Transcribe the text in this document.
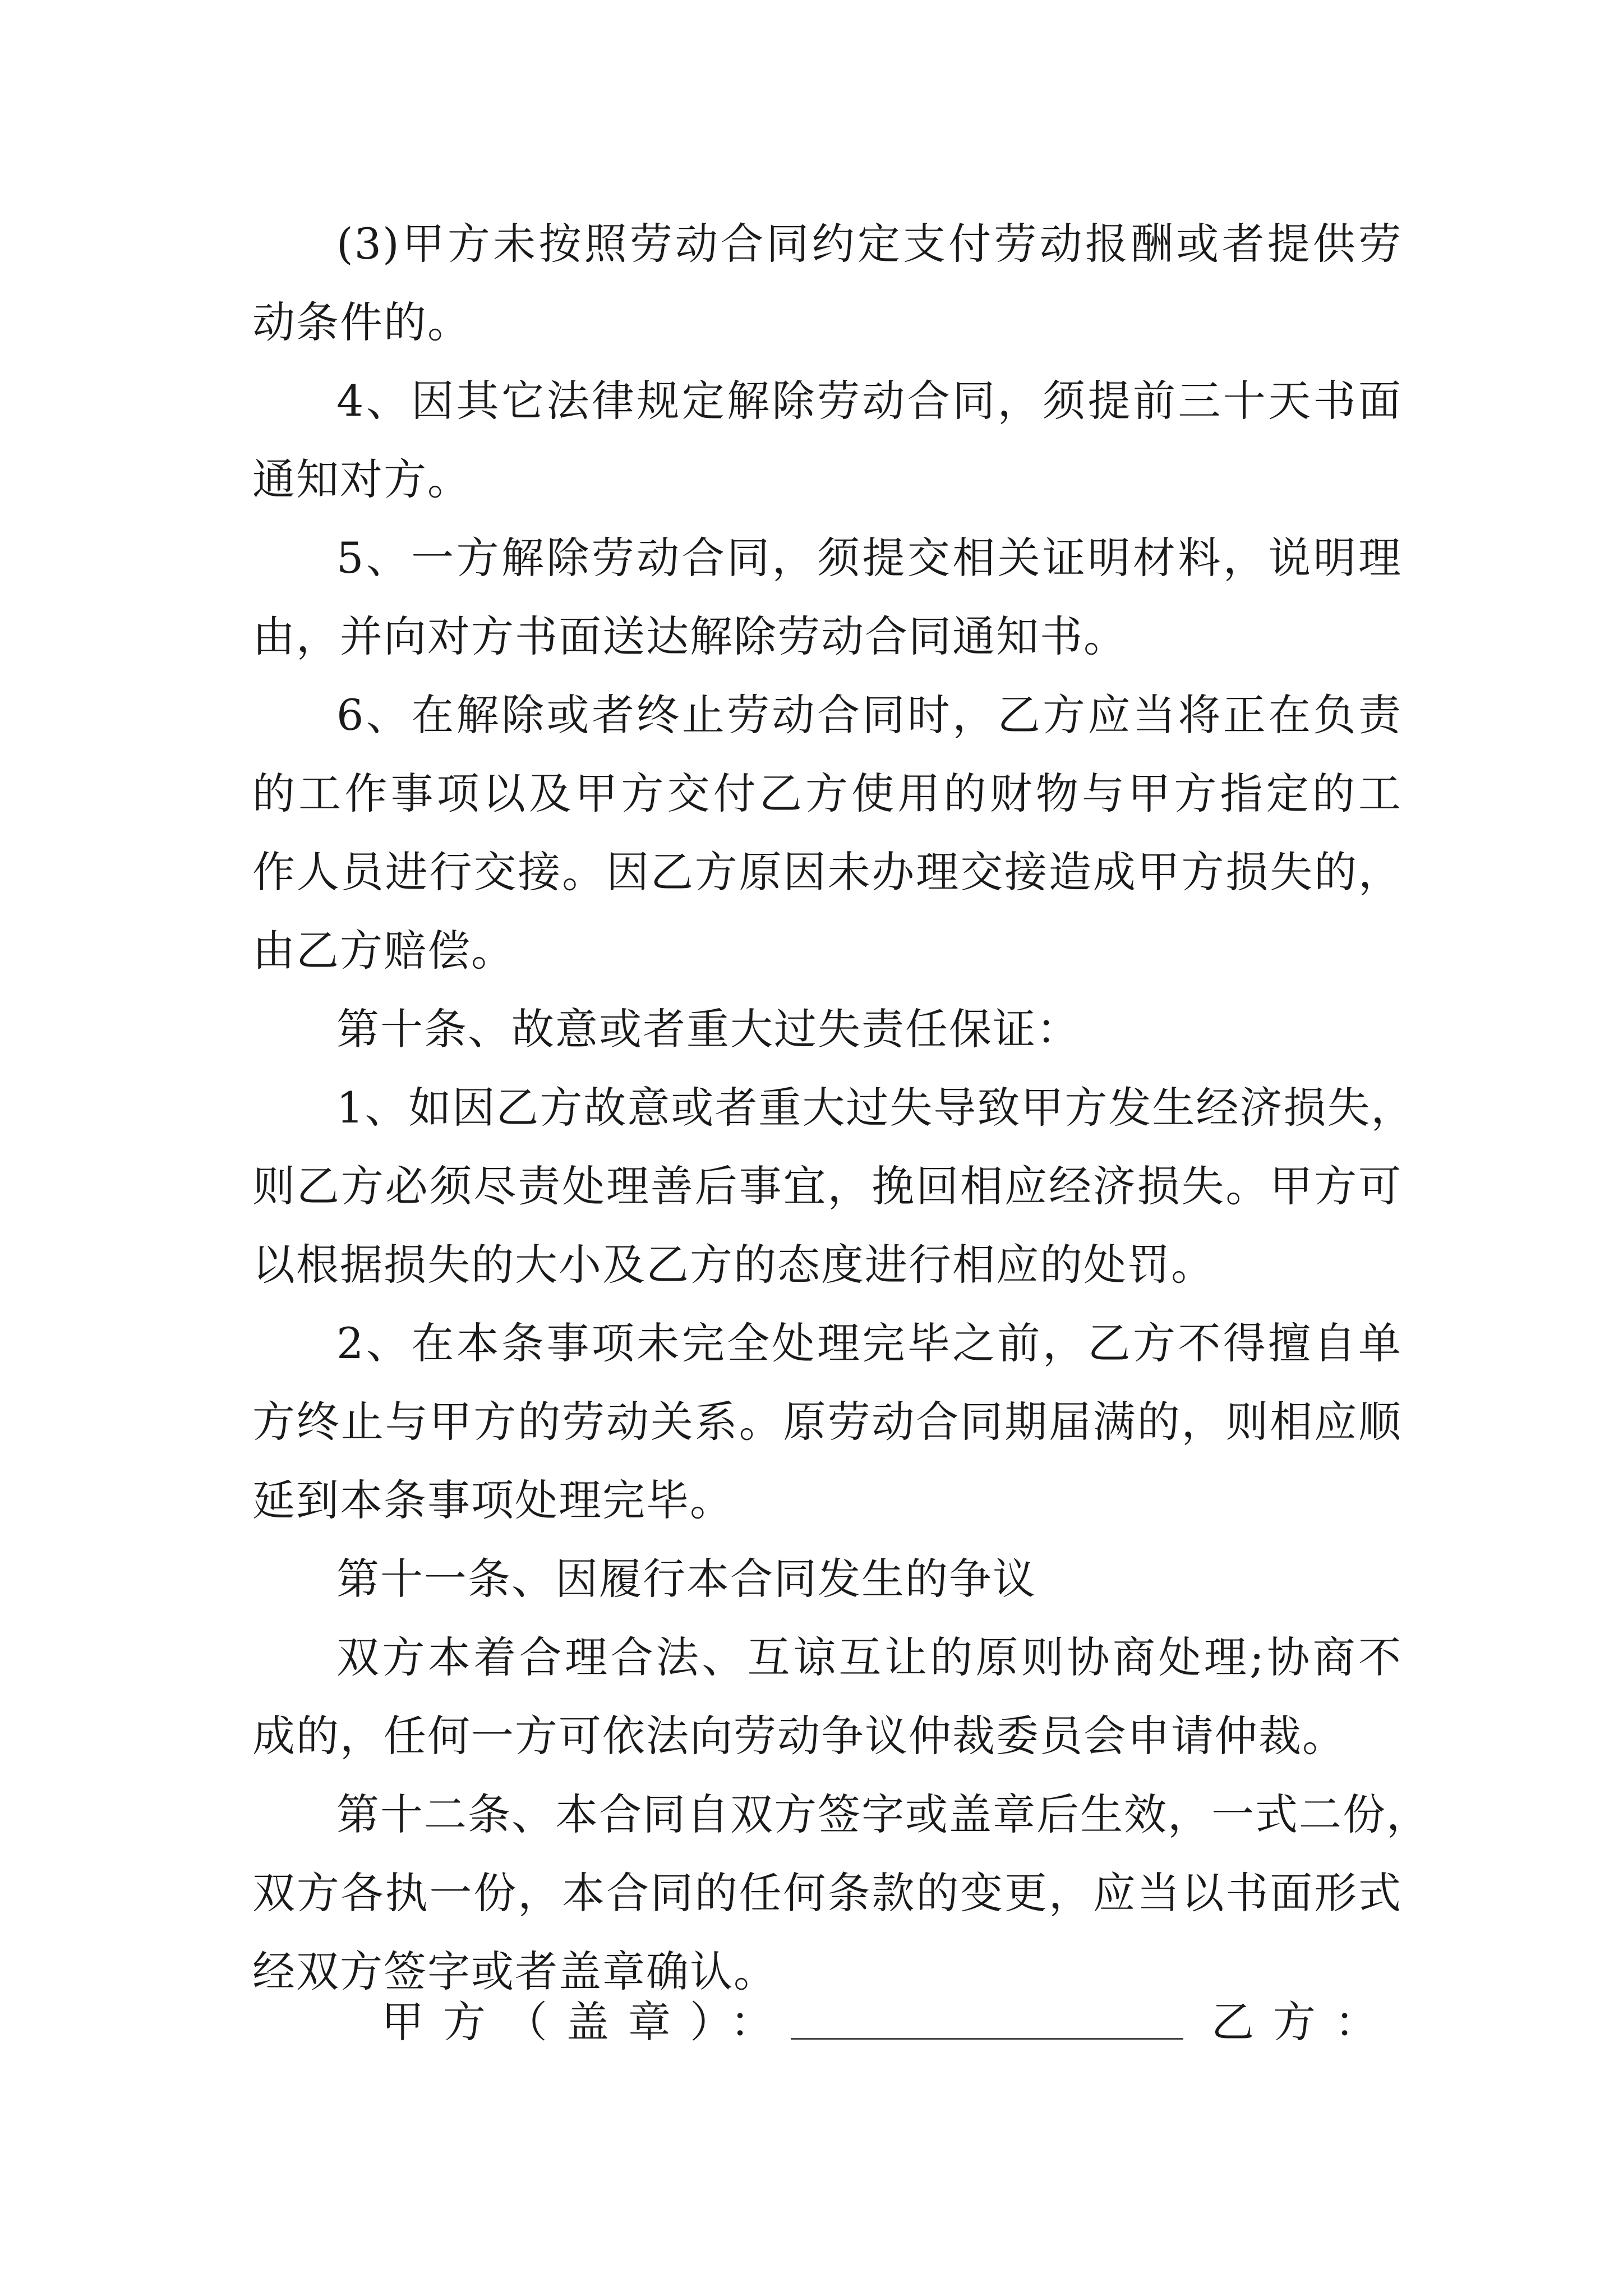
(3)甲方未按照劳动合同约定支付劳动报酬或者提供劳
动条件的。
4、因其它法律规定解除劳动合同，须提前三十天书面
通知对方。
5、一方解除劳动合同，须提交相关证明材料，说明理
由，并向对方书面送达解除劳动合同通知书。
6、在解除或者终止劳动合同时，乙方应当将正在负责
的工作事项以及甲方交付乙方使用的财物与甲方指定的工
作人员进行交接。因乙方原因未办理交接造成甲方损失的，
由乙方赔偿。
第十条、故意或者重大过失责任保证：
1、如因乙方故意或者重大过失导致甲方发生经济损失，
则乙方必须尽责处理善后事宜，挽回相应经济损失。甲方可
以根据损失的大小及乙方的态度进行相应的处罚。
2、在本条事项未完全处理完毕之前，乙方不得擅自单
方终止与甲方的劳动关系。原劳动合同期届满的，则相应顺
延到本条事项处理完毕。
第十一条、因履行本合同发生的争议
双方本着合理合法、互谅互让的原则协商处理;协商不
成的，任何一方可依法向劳动争议仲裁委员会申请仲裁。
第十二条、本合同自双方签字或盖章后生效，一式二份，
双方各执一份，本合同的任何条款的变更，应当以书面形式
经双方签字或者盖章确认。
甲方（盖章）：	乙方：
